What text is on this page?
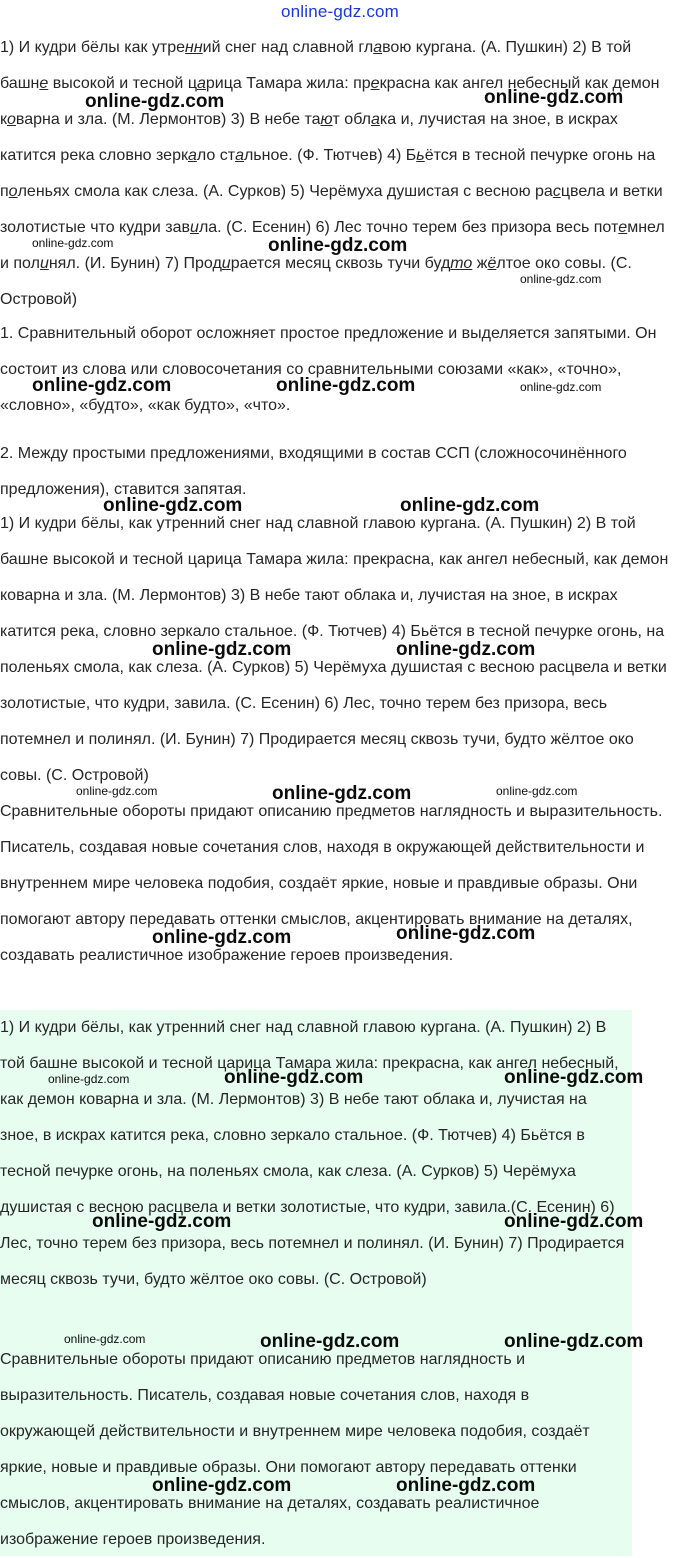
online-gdz.com

1) И кудри бёлы как утренний снег над славной главою кургана. (А. Пушкин) 2) В той башне высокой и тесной царица Тамара жила: прекрасна как ангел небесный как демон коварна и зла. (М. Лермонтов) 3) В небе тают облака и, лучистая на зное, в искрах катится река словно зеркало стальное. (Ф. Тютчев) 4) Бьётся в тесной печурке огонь на поленьях смола как слеза. (А. Сурков) 5) Черёмуха душистая с весною расцвела и ветки золотистые что кудри завила. (С. Есенин) 6) Лес точно терем без призора весь потемнел и полинял. (И. Бунин) 7) Продирается месяц сквозь тучи будто жёлтое око совы. (С. Островой)

1. Сравнительный оборот осложняет простое предложение и выделяется запятыми. Он состоит из слова или словосочетания со сравнительными союзами «как», «точно», «словно», «будто», «как будто», «что».

2. Между простыми предложениями, входящими в состав ССП (сложносочинённого предложения), ставится запятая.

1) И кудри бёлы, как утренний снег над славной главою кургана. (А. Пушкин) 2) В той башне высокой и тесной царица Тамара жила: прекрасна, как ангел небесный, как демон коварна и зла. (М. Лермонтов) 3) В небе тают облака и, лучистая на зное, в искрах катится река, словно зеркало стальное. (Ф. Тютчев) 4) Бьётся в тесной печурке огонь, на поленьях смола, как слеза. (А. Сурков) 5) Черёмуха душистая с весною расцвела и ветки золотистые, что кудри, завила. (С. Есенин) 6) Лес, точно терем без призора, весь потемнел и полинял. (И. Бунин) 7) Продирается месяц сквозь тучи, будто жёлтое око совы. (С. Островой)

Сравнительные обороты придают описанию предметов наглядность и выразительность. Писатель, создавая новые сочетания слов, находя в окружающей действительности и внутреннем мире человека подобия, создаёт яркие, новые и правдивые образы. Они помогают автору передавать оттенки смыслов, акцентировать внимание на деталях, создавать реалистичное изображение героев произведения.

1) И кудри бёлы, как утренний снег над славной главою кургана. (А. Пушкин) 2) В той башне высокой и тесной царица Тамара жила: прекрасна, как ангел небесный, как демон коварна и зла. (М. Лермонтов) 3) В небе тают облака и, лучистая на зное, в искрах катится река, словно зеркало стальное. (Ф. Тютчев) 4) Бьётся в тесной печурке огонь, на поленьях смола, как слеза. (А. Сурков) 5) Черёмуха душистая с весною расцвела и ветки золотистые, что кудри, завила.(С. Есенин) 6) Лес, точно терем без призора, весь потемнел и полинял. (И. Бунин) 7) Продирается месяц сквозь тучи, будто жёлтое око совы. (С. Островой)

Сравнительные обороты придают описанию предметов наглядность и выразительность. Писатель, создавая новые сочетания слов, находя в окружающей действительности и внутреннем мире человека подобия, создаёт яркие, новые и правдивые образы. Они помогают автору передавать оттенки смыслов, акцентировать внимание на деталях, создавать реалистичное изображение героев произведения.

online-gdz.com	online-gdz.com
online-gdz.com	online-gdz.com
online-gdz.com
online-gdz.com	online-gdz.com	online-gdz.com
online-gdz.com	online-gdz.com
online-gdz.com	online-gdz.com
online-gdz.com	online-gdz.com	online-gdz.com
online-gdz.com	online-gdz.com
online-gdz.com	online-gdz.com	online-gdz.com
online-gdz.com	online-gdz.com
online-gdz.com	online-gdz.com	online-gdz.com
online-gdz.com	online-gdz.com
